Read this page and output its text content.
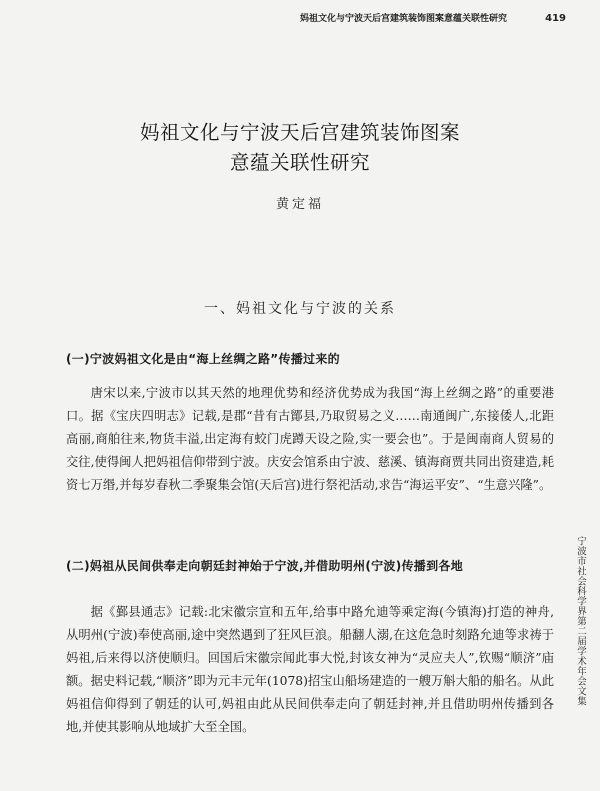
妈祖文化与宁波天后宫建筑装饰图案意蕴关联性研究	419
妈祖文化与宁波天后宫建筑装饰图案
意蕴关联性研究
黄定福
一、妈祖文化与宁波的关系
(一)宁波妈祖文化是由“海上丝绸之路”传播过来的

唐宋以来,宁波市以其天然的地理优势和经济优势成为我国“海上丝绸之路”的重要港口。据《宝庆四明志》记载,是郡“昔有古鄮县,乃取贸易之义……南通闽广,东接倭人,北距高丽,商舶往来,物货丰溢,出定海有蛟门虎蹲天设之险,实一要会也”。于是闽南商人贸易的交往,使得闽人把妈祖信仰带到宁波。庆安会馆系由宁波、慈溪、镇海商贾共同出资建造,耗资七万缗,并每岁春秋二季聚集会馆(天后宫)进行祭祀活动,求告“海运平安”、“生意兴隆”。

(二)妈祖从民间供奉走向朝廷封神始于宁波,并借助明州(宁波)传播到各地

据《鄞县通志》记载:北宋徽宗宣和五年,给事中路允迪等乘定海(今镇海)打造的神舟,从明州(宁波)奉使高丽,途中突然遇到了狂风巨浪。船翻人溺,在这危急时刻路允迪等求祷于妈祖,后来得以济使顺归。回国后宋徽宗闻此事大悦,封该女神为“灵应夫人”,钦赐“顺济”庙额。据史料记载,“顺济”即为元丰元年(1078)招宝山船场建造的一艘万斛大船的船名。从此妈祖信仰得到了朝廷的认可,妈祖由此从民间供奉走向了朝廷封神,并且借助明州传播到各地,并使其影响从地域扩大至全国。

宁波市社会科学界第二届学术年会文集
